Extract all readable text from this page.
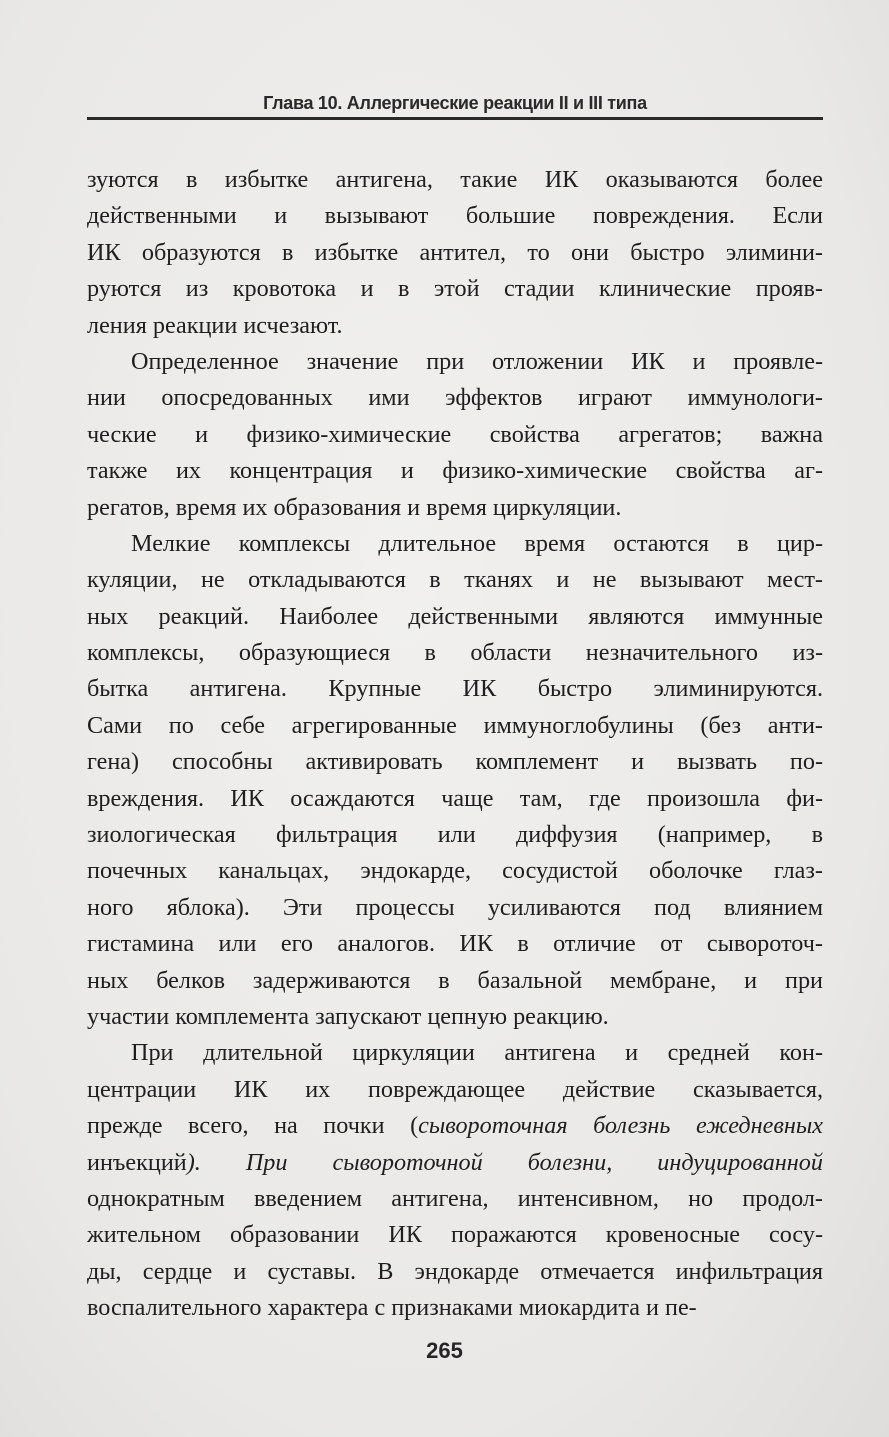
Глава 10. Аллергические реакции II и III типа
зуются в избытке антигена, такие ИК оказываются более
действенными и вызывают большие повреждения. Если
ИК образуются в избытке антител, то они быстро элимини-
руются из кровотока и в этой стадии клинические прояв-
ления реакции исчезают.
Определенное значение при отложении ИК и проявле-
нии опосредованных ими эффектов играют иммунологи-
ческие и физико-химические свойства агрегатов; важна
также их концентрация и физико-химические свойства аг-
регатов, время их образования и время циркуляции.
Мелкие комплексы длительное время остаются в цир-
куляции, не откладываются в тканях и не вызывают мест-
ных реакций. Наиболее действенными являются иммунные
комплексы, образующиеся в области незначительного из-
бытка антигена. Крупные ИК быстро элиминируются.
Сами по себе агрегированные иммуноглобулины (без анти-
гена) способны активировать комплемент и вызвать по-
вреждения. ИК осаждаются чаще там, где произошла фи-
зиологическая фильтрация или диффузия (например, в
почечных канальцах, эндокарде, сосудистой оболочке глаз-
ного яблока). Эти процессы усиливаются под влиянием
гистамина или его аналогов. ИК в отличие от сывороточ-
ных белков задерживаются в базальной мембране, и при
участии комплемента запускают цепную реакцию.
При длительной циркуляции антигена и средней кон-
центрации ИК их повреждающее действие сказывается,
прежде всего, на почки (сывороточная болезнь ежедневных
инъекций). При сывороточной болезни, индуцированной
однократным введением антигена, интенсивном, но продол-
жительном образовании ИК поражаются кровеносные сосу-
ды, сердце и суставы. В эндокарде отмечается инфильтрация
воспалительного характера с признаками миокардита и пе-
265
